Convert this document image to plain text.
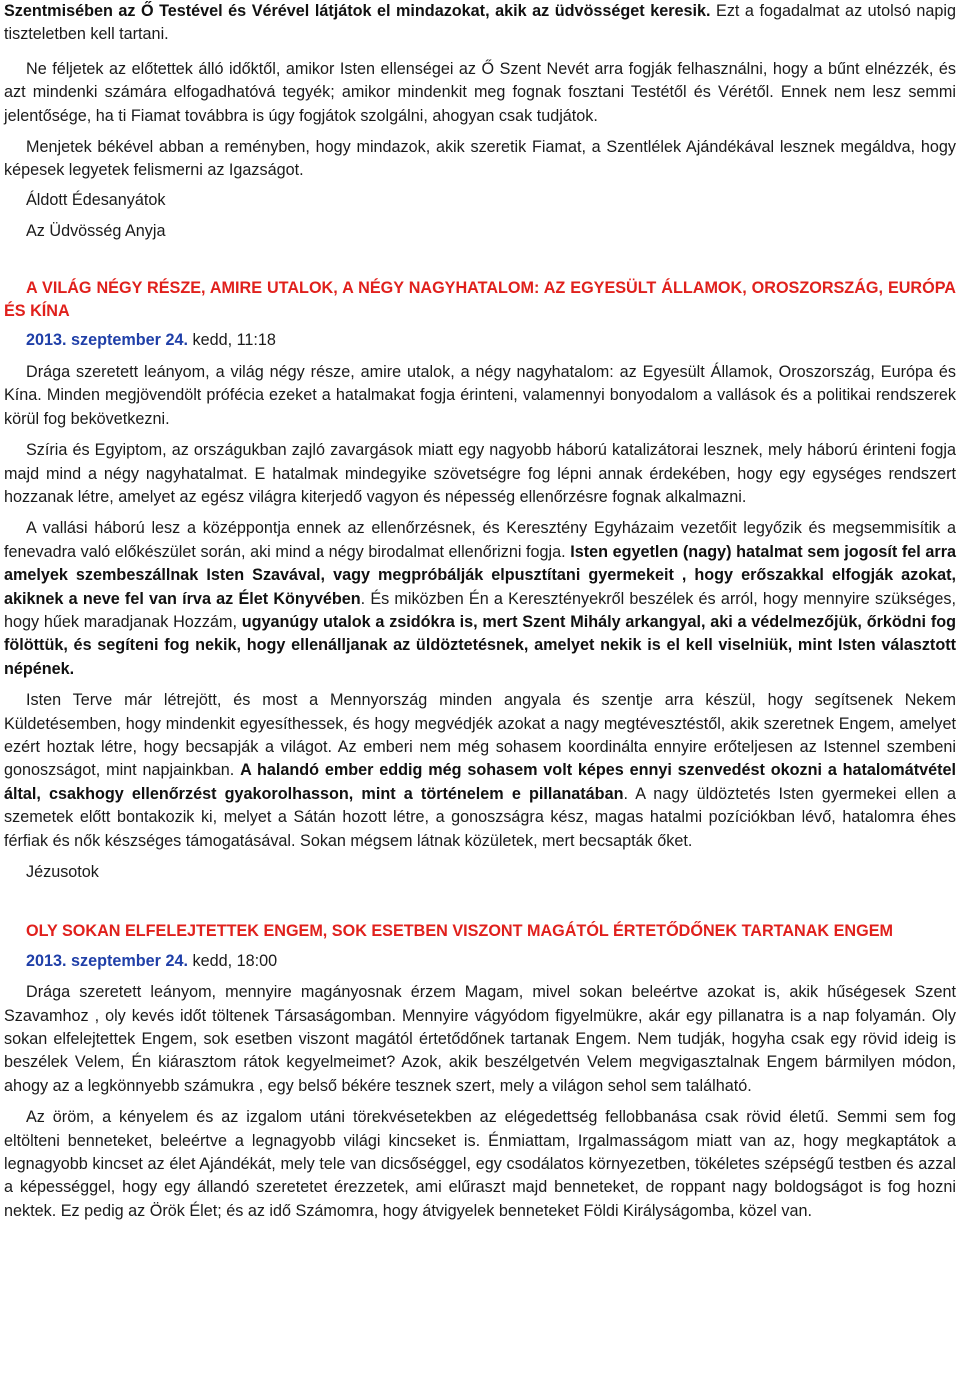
Szentmisében az Ő Testével és Vérével látjátok el mindazokat, akik az üdvösséget keresik. Ezt a fogadalmat az utolsó napig tiszteletben kell tartani.

Ne féljetek az előtettek álló időktől, amikor Isten ellenségei az Ő Szent Nevét arra fogják felhasználni, hogy a bűnt elnézzék, és azt mindenki számára elfogadhatóvá tegyék; amikor mindenkit meg fognak fosztani Testétől és Vérétől. Ennek nem lesz semmi jelentősége, ha ti Fiamat továbbra is úgy fogjátok szolgálni, ahogyan csak tudjátok.

Menjetek békével abban a reményben, hogy mindazok, akik szeretik Fiamat, a Szentlélek Ajándékával lesznek megáldva, hogy képesek legyetek felismerni az Igazságot.

Áldott Édesanyátok

Az Üdvösség Anyja

A VILÁG NÉGY RÉSZE, AMIRE UTALOK, A NÉGY NAGYHATALOM: AZ EGYESÜLT ÁLLAMOK, OROSZORSZÁG, EURÓPA ÉS KÍNA
2013. szeptember 24. kedd, 11:18

Drága szeretett leányom, a világ négy része, amire utalok, a négy nagyhatalom: az Egyesült Államok, Oroszország, Európa és Kína. Minden megjövendölt prófécia ezeket a hatalmakat fogja érinteni, valamennyi bonyodalom a vallások és a politikai rendszerek körül fog bekövetkezni.

Szíria és Egyiptom, az országukban zajló zavargások miatt egy nagyobb háború katalizátorai lesznek, mely háború érinteni fogja majd mind a négy nagyhatalmat. E hatalmak mindegyike szövetségre fog lépni annak érdekében, hogy egy egységes rendszert hozzanak létre, amelyet az egész világra kiterjedő vagyon és népesség ellenőrzésre fognak alkalmazni.

A vallási háború lesz a középpontja ennek az ellenőrzésnek, és Keresztény Egyházaim vezetőit legyőzik és megsemmisítik a fenevadra való előkészület során, aki mind a négy birodalmat ellenőrizni fogja. Isten egyetlen (nagy) hatalmat sem jogosít fel arra amelyek szembeszállnak Isten Szavával, vagy megpróbálják elpusztítani gyermekeit , hogy erőszakkal elfogják azokat, akiknek a neve fel van írva az Élet Könyvében. És miközben Én a Keresztényekről beszélek és arról, hogy mennyire szükséges, hogy hűek maradjanak Hozzám, ugyanúgy utalok a zsidókra is, mert Szent Mihály arkangyal, aki a védelmezőjük, őrködni fog fölöttük, és segíteni fog nekik, hogy ellenálljanak az üldöztetésnek, amelyet nekik is el kell viselniük, mint Isten választott népének.

Isten Terve már létrejött, és most a Mennyország minden angyala és szentje arra készül, hogy segítsenek Nekem Küldetésemben, hogy mindenkit egyesíthessek, és hogy megvédjék azokat a nagy megtévesztéstől, akik szeretnek Engem, amelyet ezért hoztak létre, hogy becsapják a világot. Az emberi nem még sohasem koordinálta ennyire erőteljesen az Istennel szembeni gonoszságot, mint napjainkban. A halandó ember eddig még sohasem volt képes ennyi szenvedést okozni a hatalomátvétel által, csakhogy ellenőrzést gyakorolhasson, mint a történelem e pillanatában. A nagy üldöztetés Isten gyermekei ellen a szemetek előtt bontakozik ki, melyet a Sátán hozott létre, a gonoszságra kész, magas hatalmi pozíciókban lévő, hatalomra éhes férfiak és nők készséges támogatásával. Sokan mégsem látnak közületek, mert becsapták őket.

Jézusotok

OLY SOKAN ELFELEJTETTEK ENGEM, SOK ESETBEN VISZONT MAGÁTÓL ÉRTETŐDŐNEK TARTANAK ENGEM
2013. szeptember 24. kedd, 18:00

Drága szeretett leányom, mennyire magányosnak érzem Magam, mivel sokan beleértve azokat is, akik hűségesek Szent Szavamhoz , oly kevés időt töltenek Társaságomban. Mennyire vágyódom figyelmükre, akár egy pillanatra is a nap folyamán. Oly sokan elfelejtettek Engem, sok esetben viszont magától értetődőnek tartanak Engem. Nem tudják, hogyha csak egy rövid ideig is beszélek Velem, Én kiárasztom rátok kegyelmeimet? Azok, akik beszélgetvén Velem megvigasztalnak Engem bármilyen módon, ahogy az a legkönnyebb számukra , egy belső békére tesznek szert, mely a világon sehol sem található.

Az öröm, a kényelem és az izgalom utáni törekvésetekben az elégedettség fellobbanása csak rövid életű. Semmi sem fog eltölteni benneteket, beleértve a legnagyobb világi kincseket is. Énmiattam, Irgalmasságom miatt van az, hogy megkaptátok a legnagyobb kincset az élet Ajándékát, mely tele van dicsőséggel, egy csodálatos környezetben, tökéletes szépségű testben és azzal a képességgel, hogy egy állandó szeretetet érezzetek, ami elűraszt majd benneteket, de roppant nagy boldogságot is fog hozni nektek. Ez pedig az Örök Élet; és az idő Számomra, hogy átvigyelek benneteket Földi Királyságomba, közel van.
